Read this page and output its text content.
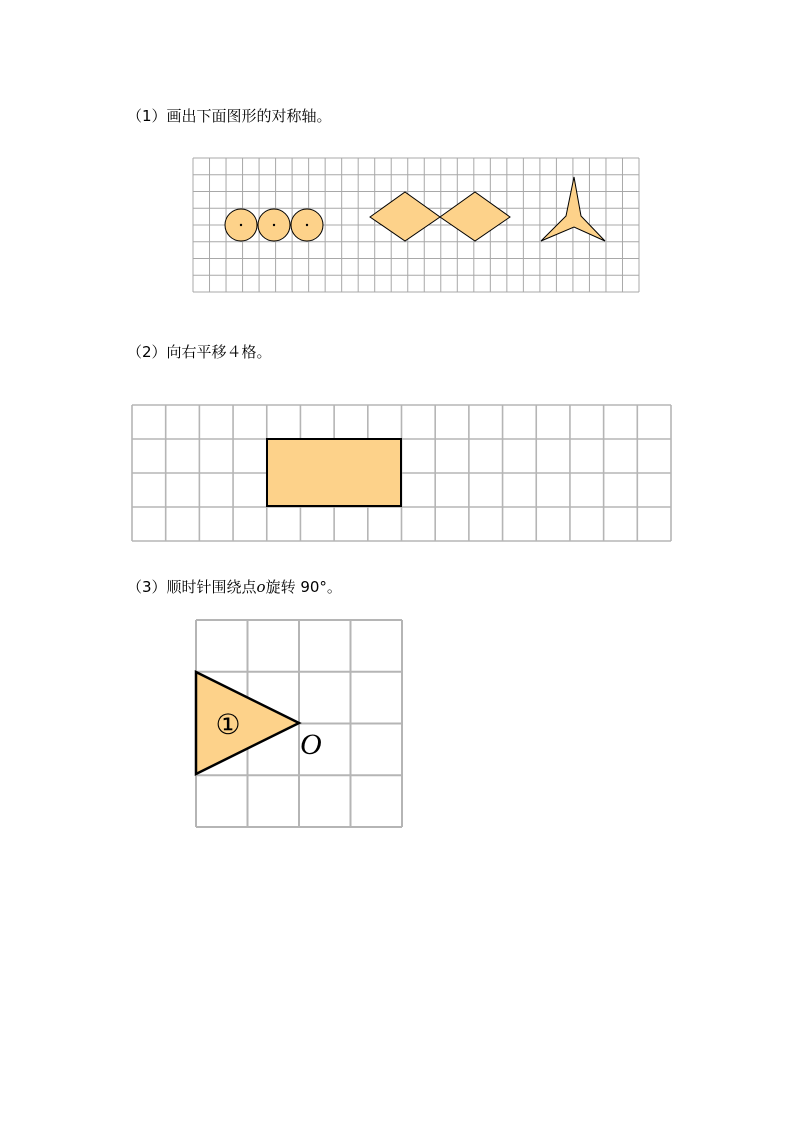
（1）画出下面图形的对称轴。
（2）向右平移４格。
（3）顺时针围绕点o旋转 90°。
①
O
